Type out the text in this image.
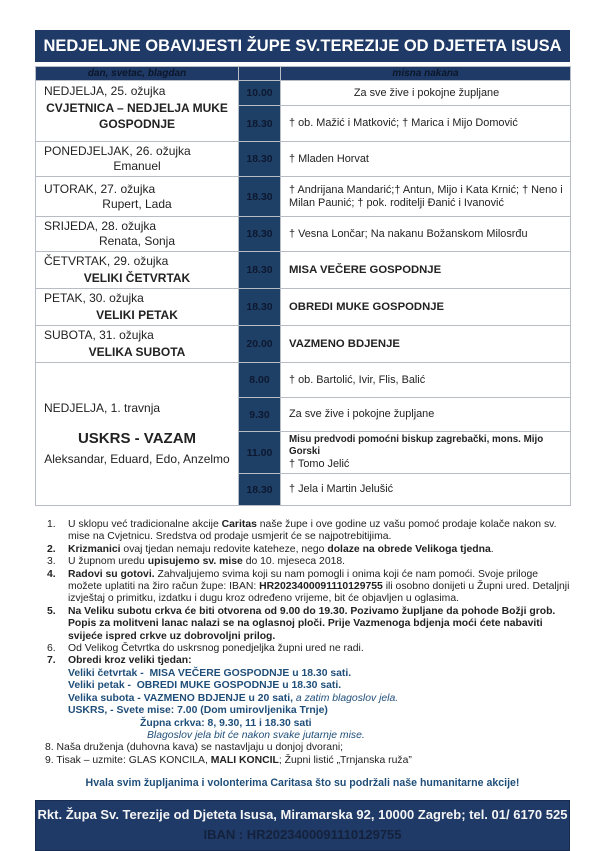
NEDJELJNE OBAVIJESTI ŽUPE SV.TEREZIJE OD DJETETA ISUSA
dan, svetac, blagdan		misna nakana

NEDJELJA, 25. ožujka
CVJETNICA – NEDJELJA MUKE GOSPODNJE	10.00	Za sve žive i pokojne župljane
	18.30	† ob. Mažić i Matković; † Marica i Mijo Domović

PONEDJELJAK, 26. ožujka
Emanuel	18.30	† Mladen Horvat

UTORAK, 27. ožujka
Rupert, Lada	18.30	† Andrijana Mandarić;† Antun, Mijo i Kata Krnić; † Neno i Milan Paunić; † pok. roditelji Đanić i Ivanović

SRIJEDA, 28. ožujka
Renata, Sonja	18.30	† Vesna Lončar; Na nakanu Božanskom Milosrđu

ČETVRTAK, 29. ožujka
VELIKI ČETVRTAK	18.30	MISA VEČERE GOSPODNJE

PETAK, 30. ožujka
VELIKI PETAK	18.30	OBREDI MUKE GOSPODNJE

SUBOTA, 31. ožujka
VELIKA SUBOTA	20.00	VAZMENO BDJENJE

NEDJELJA, 1. travnja
USKRS - VAZAM
Aleksandar, Eduard, Edo, Anzelmo	8.00	† ob. Bartolić, Ivir, Flis, Balić
	9.30	Za sve žive i pokojne župljane
	11.00	Misu predvodi pomoćni biskup zagrebački, mons. Mijo Gorski
† Tomo Jelić

	18.30	† Jela i Martin Jelušić
1.	U sklopu već tradicionalne akcije Caritas naše župe i ove godine uz vašu pomoć prodaje kolače nakon sv. mise na Cvjetnicu. Sredstva od prodaje usmjerit će se najpotrebitijima.
2.	Krizmanici ovaj tjedan nemaju redovite kateheze, nego dolaze na obrede Velikoga tjedna.
3.	U župnom uredu upisujemo sv. mise do 10. mjeseca 2018.
4.	Radovi su gotovi. Zahvaljujemo svima koji su nam pomogli i onima koji će nam pomoći. Svoje priloge možete uplatiti na žiro račun župe: IBAN: HR2023400091110129755 ili osobno donijeti u Župni ured. Detaljnji izvještaj o primitku, izdatku i dugu kroz određeno vrijeme, bit će objavljen u oglasima.
5.	Na Veliku subotu crkva će biti otvorena od 9.00 do 19.30. Pozivamo župljane da pohode Božji grob. Popis za molitveni lanac nalazi se na oglasnoj ploči. Prije Vazmenoga bdjenja moći ćete nabaviti svijeće ispred crkve uz dobrovoljni prilog.
6.	Od Velikog Četvrtka do uskrsnog ponedjeljka župni ured ne radi.
7.	Obredi kroz veliki tjedan:
Veliki četvrtak -  MISA VEČERE GOSPODNJE u 18.30 sati.
Veliki petak -  OBREDI MUKE GOSPODNJE u 18.30 sati.
Velika subota - VAZMENO BDJENJE u 20 sati, a zatim blagoslov jela.
USKRS, - Svete mise: 7.00 (Dom umirovljenika Trnje)
Župna crkva: 8, 9.30, 11 i 18.30 sati
Blagoslov jela bit će nakon svake jutarnje mise.
8. Naša druženja (duhovna kava) se nastavljaju u donjoj dvorani;
9. Tisak – uzmite: GLAS KONCILA, MALI KONCIL; Župni listić „Trnjanska ruža”
Hvala svim župljanima i volonterima Caritasa što su podržali naše humanitarne akcije!
Rkt. Župa Sv. Terezije od Djeteta Isusa, Miramarska 92, 10000 Zagreb; tel. 01/ 6170 525
IBAN : HR2023400091110129755
